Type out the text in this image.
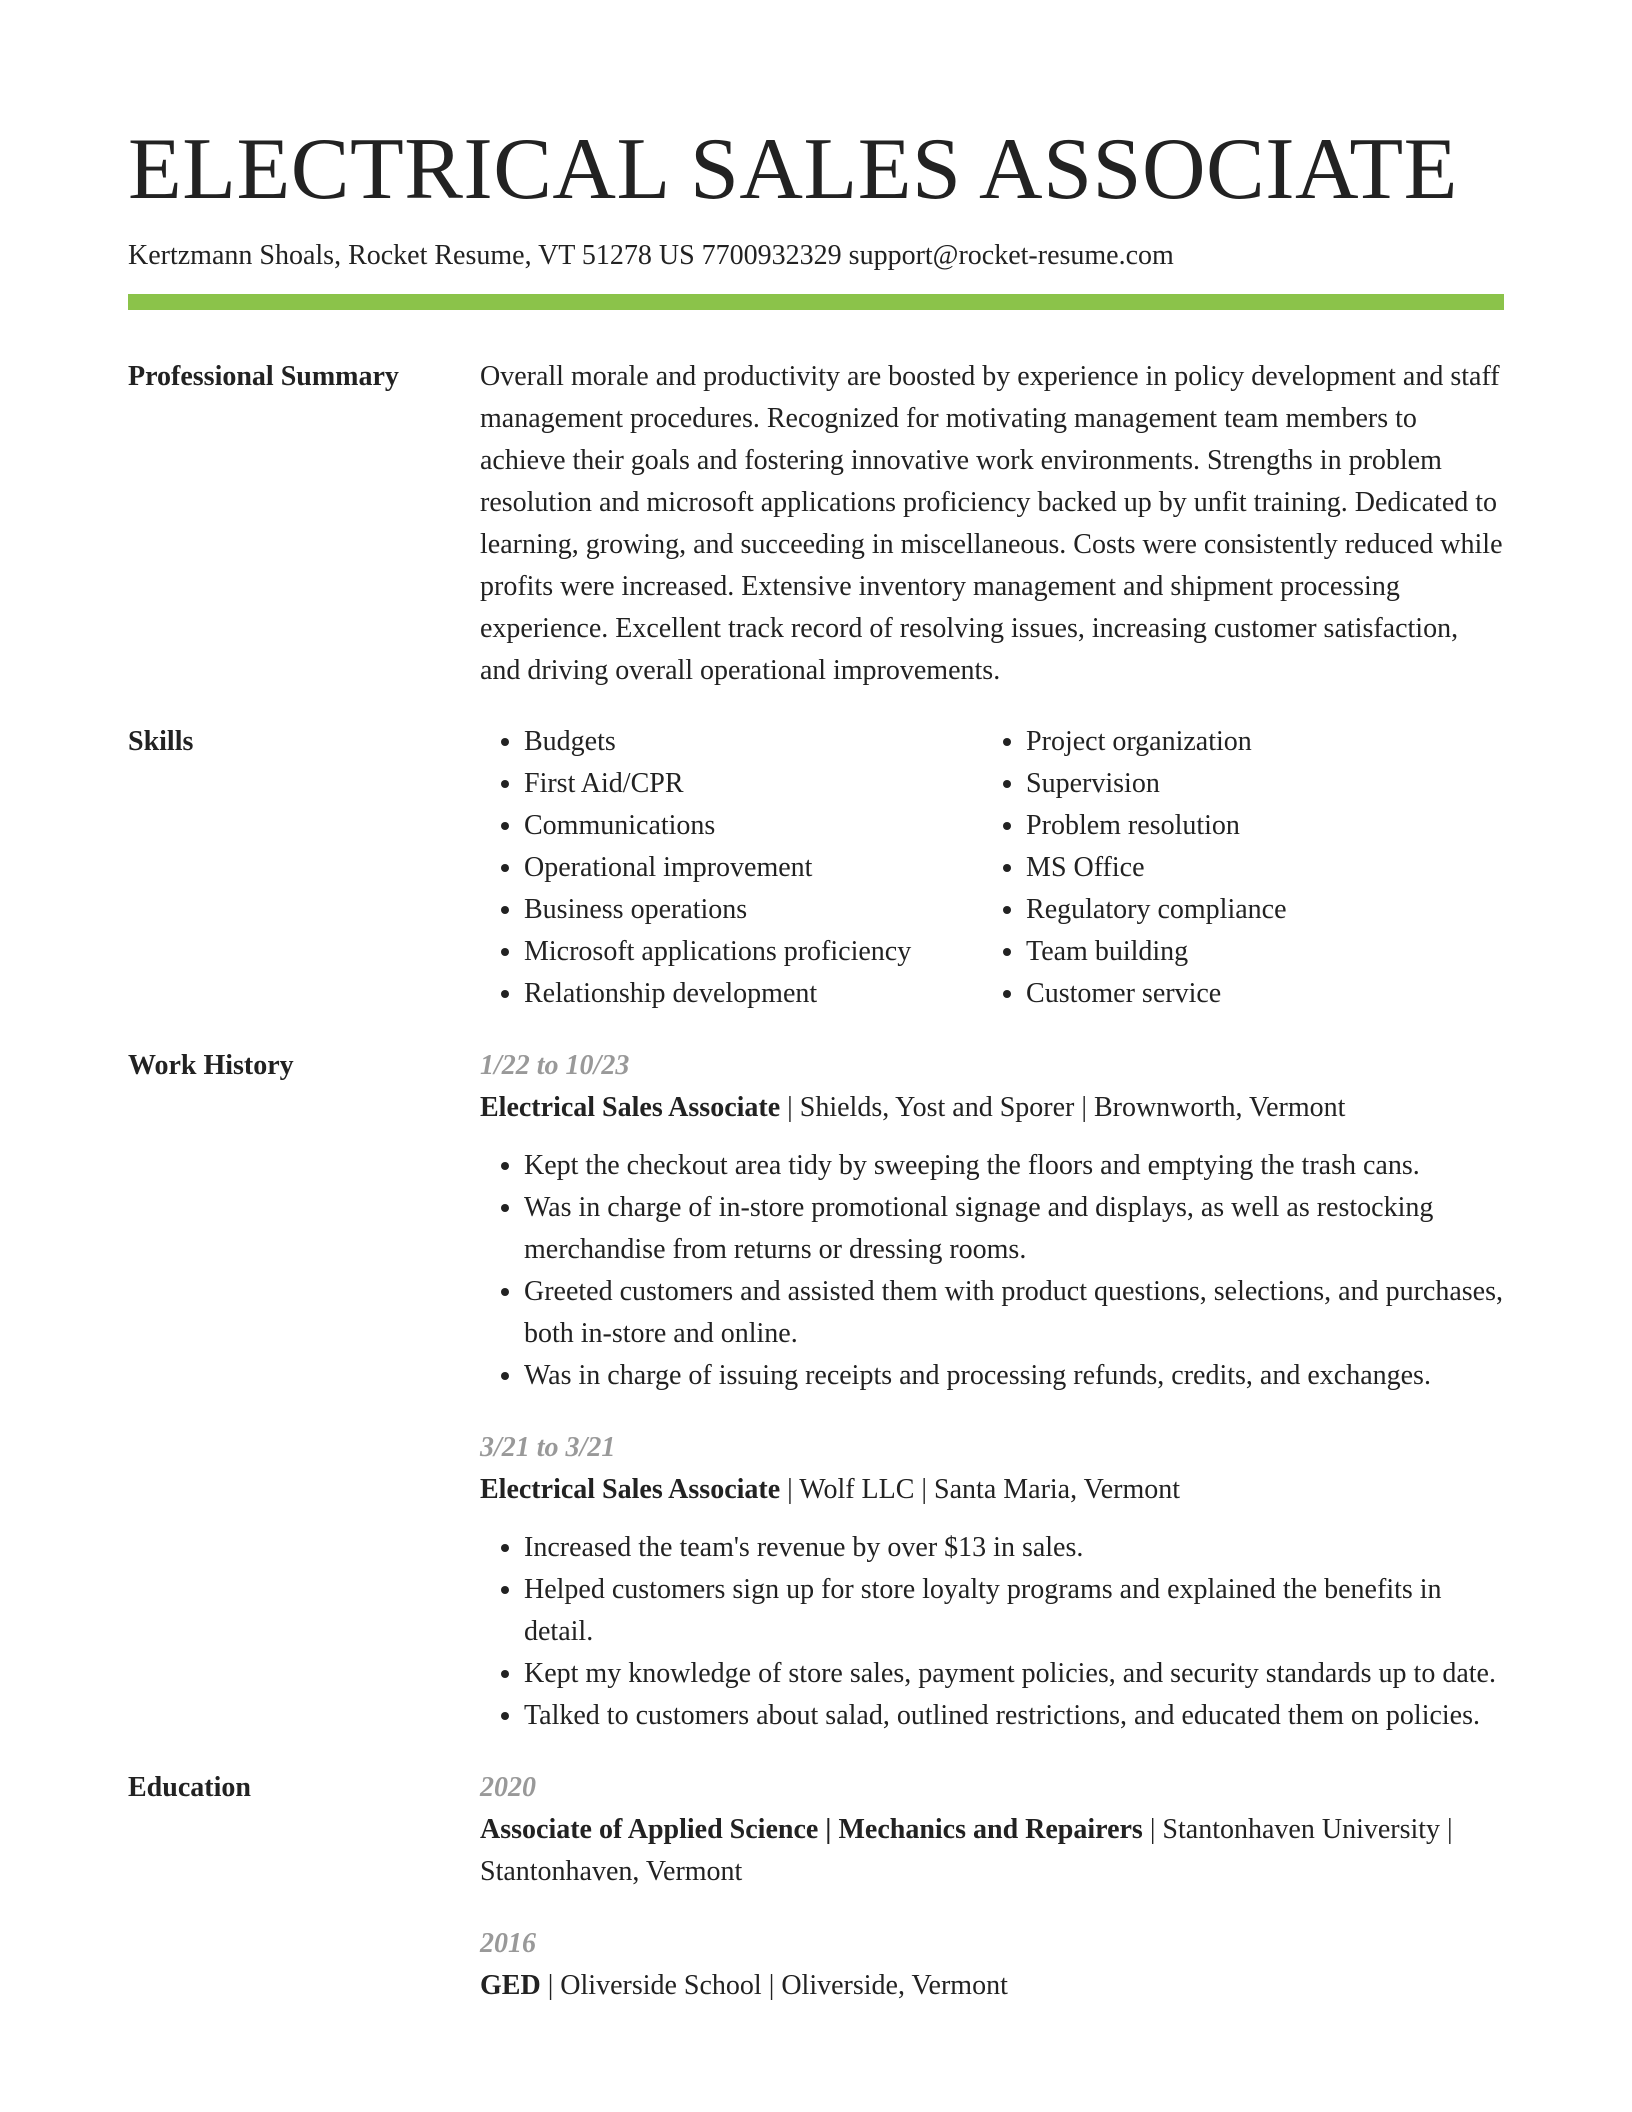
ELECTRICAL SALES ASSOCIATE
Kertzmann Shoals, Rocket Resume, VT 51278 US 7700932329 support@rocket-resume.com
Professional Summary	Overall morale and productivity are boosted by experience in policy development and staff management procedures. Recognized for motivating management team members to achieve their goals and fostering innovative work environments. Strengths in problem resolution and microsoft applications proficiency backed up by unfit training. Dedicated to learning, growing, and succeeding in miscellaneous. Costs were consistently reduced while profits were increased. Extensive inventory management and shipment processing experience. Excellent track record of resolving issues, increasing customer satisfaction, and driving overall operational improvements.

Skills
•	Budgets
• First Aid/CPR
• Communications
• Operational improvement
• Business operations
• Microsoft applications proficiency
• Relationship development
• Project organization
• Supervision
• Problem resolution
• MS Office
• Regulatory compliance
• Team building
• Customer service
Work History	1/22 to 10/23
Electrical Sales Associate | Shields, Yost and Sporer | Brownworth, Vermont
• Kept the checkout area tidy by sweeping the floors and emptying the trash cans.
• Was in charge of in-store promotional signage and displays, as well as restocking merchandise from returns or dressing rooms.
• Greeted customers and assisted them with product questions, selections, and purchases, both in-store and online.
• Was in charge of issuing receipts and processing refunds, credits, and exchanges.
3/21 to 3/21
Electrical Sales Associate | Wolf LLC | Santa Maria, Vermont
• Increased the team's revenue by over $13 in sales.
• Helped customers sign up for store loyalty programs and explained the benefits in detail.
• Kept my knowledge of store sales, payment policies, and security standards up to date.
• Talked to customers about salad, outlined restrictions, and educated them on policies.
Education	2020
Associate of Applied Science | Mechanics and Repairers | Stantonhaven University | Stantonhaven, Vermont
2016
GED | Oliverside School | Oliverside, Vermont
